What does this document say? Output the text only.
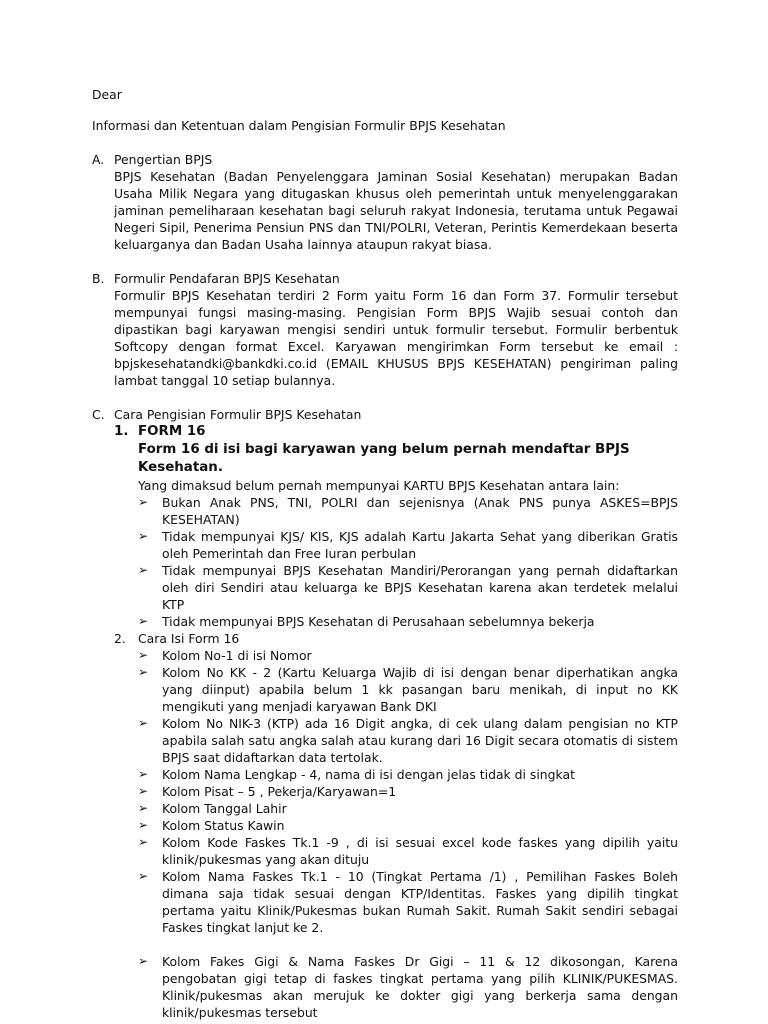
Dear

Informasi dan Ketentuan dalam Pengisian Formulir BPJS Kesehatan

A. Pengertian BPJS

BPJS Kesehatan (Badan Penyelenggara Jaminan Sosial Kesehatan) merupakan Badan Usaha Milik Negara yang ditugaskan khusus oleh pemerintah untuk menyelenggarakan jaminan pemeliharaan kesehatan bagi seluruh rakyat Indonesia, terutama untuk Pegawai Negeri Sipil, Penerima Pensiun PNS dan TNI/POLRI, Veteran, Perintis Kemerdekaan beserta keluarganya dan Badan Usaha lainnya ataupun rakyat biasa.

B. Formulir Pendafaran BPJS Kesehatan

Formulir BPJS Kesehatan terdiri 2 Form yaitu Form 16 dan Form 37. Formulir tersebut mempunyai fungsi masing-masing. Pengisian Form BPJS Wajib sesuai contoh dan dipastikan bagi karyawan mengisi sendiri untuk formulir tersebut. Formulir berbentuk Softcopy dengan format Excel. Karyawan mengirimkan Form tersebut ke email : bpjskesehatandki@bankdki.co.id (EMAIL KHUSUS BPJS KESEHATAN) pengiriman paling lambat tanggal 10 setiap bulannya.

C. Cara Pengisian Formulir BPJS Kesehatan
1. FORM 16

Form 16 di isi bagi karyawan yang belum pernah mendaftar BPJS Kesehatan.

Yang dimaksud belum pernah mempunyai KARTU BPJS Kesehatan antara lain:

➢	Bukan Anak PNS, TNI, POLRI dan sejenisnya (Anak PNS punya ASKES=BPJS KESEHATAN)
➢	Tidak mempunyai KJS/ KIS, KJS adalah Kartu Jakarta Sehat yang diberikan Gratis oleh Pemerintah dan Free Iuran perbulan
➢	Tidak mempunyai BPJS Kesehatan Mandiri/Perorangan yang pernah didaftarkan oleh diri Sendiri atau keluarga ke BPJS Kesehatan karena akan terdetek melalui KTP
➢	Tidak mempunyai BPJS Kesehatan di Perusahaan sebelumnya bekerja
2. Cara Isi Form 16
➢	Kolom No-1 di isi Nomor
➢	Kolom No KK - 2 (Kartu Keluarga Wajib di isi dengan benar diperhatikan angka yang diinput) apabila belum 1 kk pasangan baru menikah, di input no KK mengikuti yang menjadi karyawan Bank DKI
➢	Kolom No NIK-3 (KTP) ada 16 Digit angka, di cek ulang dalam pengisian no KTP apabila salah satu angka salah atau kurang dari 16 Digit secara otomatis di sistem BPJS saat didaftarkan data tertolak.
➢	Kolom Nama Lengkap - 4, nama di isi dengan jelas tidak di singkat
➢	Kolom Pisat – 5 , Pekerja/Karyawan=1
➢	Kolom Tanggal Lahir
➢	Kolom Status Kawin
➢	Kolom Kode Faskes Tk.1 -9 , di isi sesuai excel kode faskes yang dipilih yaitu klinik/pukesmas yang akan dituju
➢	Kolom Nama Faskes Tk.1 - 10 (Tingkat Pertama /1) , Pemilihan Faskes Boleh dimana saja tidak sesuai dengan KTP/Identitas. Faskes yang dipilih tingkat pertama yaitu Klinik/Pukesmas bukan Rumah Sakit. Rumah Sakit sendiri sebagai Faskes tingkat lanjut ke 2.
➢	Kolom Fakes Gigi & Nama Faskes Dr Gigi – 11 & 12 dikosongan, Karena pengobatan gigi tetap di faskes tingkat pertama yang pilih KLINIK/PUKESMAS. Klinik/pukesmas akan merujuk ke dokter gigi yang berkerja sama dengan klinik/pukesmas tersebut
